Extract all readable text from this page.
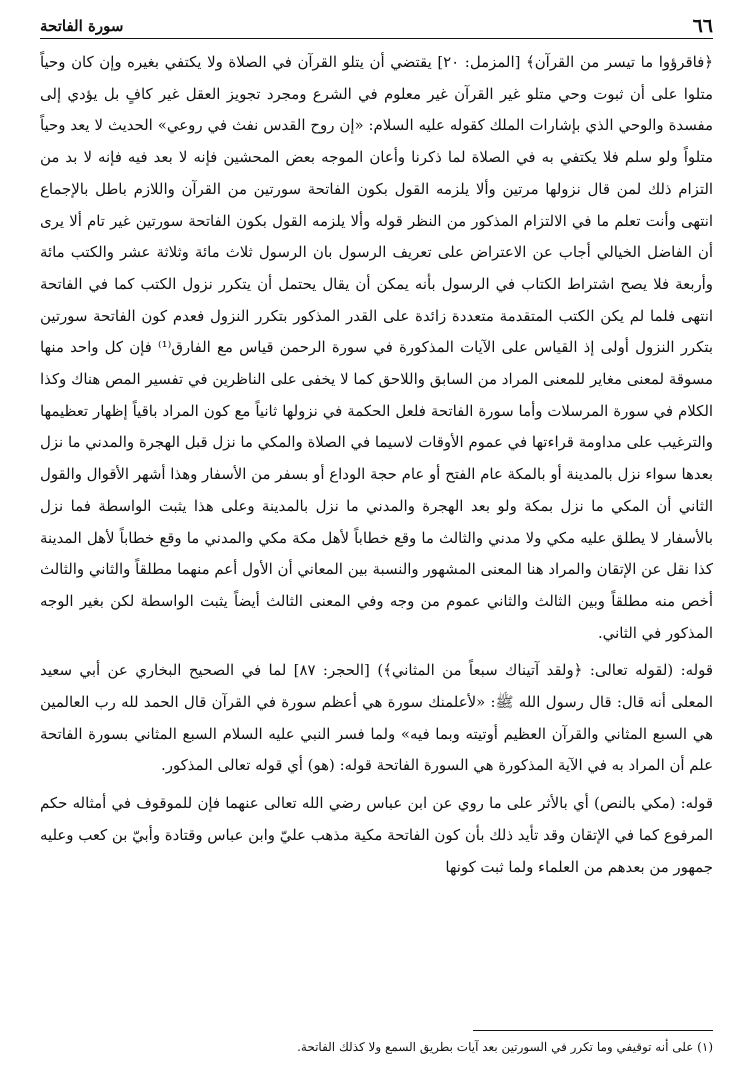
٦٦
سورة الفاتحة

﴿فاقرؤوا ما تيسر من القرآن﴾ [المزمل: ٢٠] يقتضي أن يتلو القرآن في الصلاة ولا يكتفي بغيره وإن كان وحياً متلوا على أن ثبوت وحي متلو غير القرآن غير معلوم في الشرع ومجرد تجويز العقل غير كافٍ بل يؤدي إلى مفسدة والوحي الذي بإشارات الملك كقوله عليه السلام: «إن روح القدس نفث في روعي» الحديث لا يعد وحياً متلواً ولو سلم فلا يكتفي به في الصلاة لما ذكرنا وأعان الموجه بعض المحشين فإنه لا بعد فيه فإنه لا بد من التزام ذلك لمن قال نزولها مرتين وألا يلزمه القول بكون الفاتحة سورتين من القرآن واللازم باطل بالإجماع انتهى وأنت تعلم ما في الالتزام المذكور من النظر قوله وألا يلزمه القول بكون الفاتحة سورتين غير تام ألا يرى أن الفاضل الخيالي أجاب عن الاعتراض على تعريف الرسول بان الرسول ثلاث مائة وثلاثة عشر والكتب مائة وأربعة فلا يصح اشتراط الكتاب في الرسول بأنه يمكن أن يقال يحتمل أن يتكرر نزول الكتب كما في الفاتحة انتهى فلما لم يكن الكتب المتقدمة متعددة زائدة على القدر المذكور بتكرر النزول فعدم كون الفاتحة سورتين بتكرر النزول أولى إذ القياس على الآيات المذكورة في سورة الرحمن قياس مع الفارق⁽¹⁾ فإن كل واحد منها مسوقة لمعنى مغاير للمعنى المراد من السابق واللاحق كما لا يخفى على الناظرين في تفسير المص هناك وكذا الكلام في سورة المرسلات وأما سورة الفاتحة فلعل الحكمة في نزولها ثانياً مع كون المراد باقياً إظهار تعظيمها والترغيب على مداومة قراءتها في عموم الأوقات لاسيما في الصلاة والمكي ما نزل قبل الهجرة والمدني ما نزل بعدها سواء نزل بالمدينة أو بالمكة عام الفتح أو عام حجة الوداع أو بسفر من الأسفار وهذا أشهر الأقوال والقول الثاني أن المكي ما نزل بمكة ولو بعد الهجرة والمدني ما نزل بالمدينة وعلى هذا يثبت الواسطة فما نزل بالأسفار لا يطلق عليه مكي ولا مدني والثالث ما وقع خطاباً لأهل مكة مكي والمدني ما وقع خطاباً لأهل المدينة كذا نقل عن الإتقان والمراد هنا المعنى المشهور والنسبة بين المعاني أن الأول أعم منهما مطلقاً والثاني والثالث أخص منه مطلقاً وبين الثالث والثاني عموم من وجه وفي المعنى الثالث أيضاً يثبت الواسطة لكن بغير الوجه المذكور في الثاني.

قوله: (لقوله تعالى: ﴿ولقد آتيناك سبعاً من المثاني﴾) [الحجر: ٨٧] لما في الصحيح البخاري عن أبي سعيد المعلى أنه قال: قال رسول الله ﷺ: «لأعلمنك سورة هي أعظم سورة في القرآن قال الحمد لله رب العالمين هي السبع المثاني والقرآن العظيم أوتيته وبما فيه» ولما فسر النبي عليه السلام السبع المثاني بسورة الفاتحة علم أن المراد به في الآية المذكورة هي السورة الفاتحة قوله: (هو) أي قوله تعالى المذكور.

قوله: (مكي بالنص) أي بالأثر على ما روي عن ابن عباس رضي الله تعالى عنهما فإن للموقوف في أمثاله حكم المرفوع كما في الإتقان وقد تأيد ذلك بأن كون الفاتحة مكية مذهب عليّ وابن عباس وقتادة وأبيّ بن كعب وعليه جمهور من بعدهم من العلماء ولما ثبت كونها

(١) على أنه توقيفي وما تكرر في السورتين بعد آيات بطريق السمع ولا كذلك الفاتحة.
